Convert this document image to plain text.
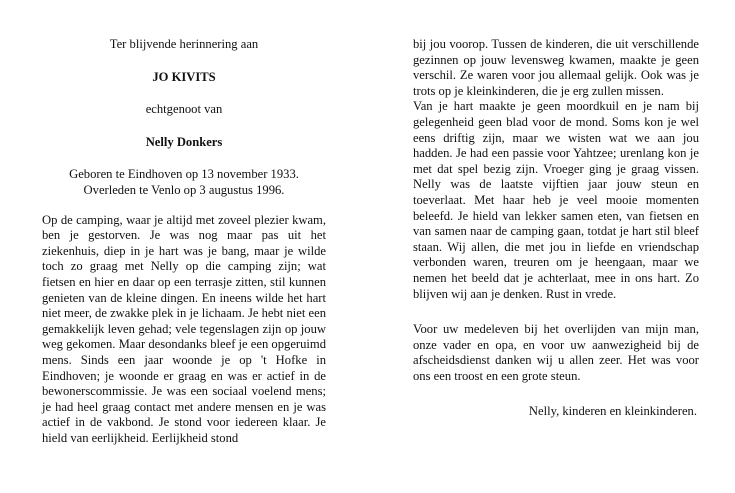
Ter blijvende herinnering aan

JO KIVITS

echtgenoot van

Nelly Donkers

Geboren te Eindhoven op 13 november 1933.

Overleden te Venlo op 3 augustus 1996.

Op de camping, waar je altijd met zoveel plezier kwam, ben je gestorven. Je was nog maar pas uit het ziekenhuis, diep in je hart was je bang, maar je wilde toch zo graag met Nelly op die camping zijn; wat fietsen en hier en daar op een terrasje zitten, stil kunnen genieten van de kleine dingen. En ineens wilde het hart niet meer, de zwakke plek in je lichaam. Je hebt niet een gemakkelijk leven gehad; vele tegenslagen zijn op jouw weg gekomen. Maar desondanks bleef je een opgeruimd mens. Sinds een jaar woonde je op 't Hofke in Eindhoven; je woonde er graag en was er actief in de bewonerscommissie. Je was een sociaal voelend mens; je had heel graag contact met andere mensen en je was actief in de vakbond. Je stond voor iedereen klaar. Je hield van eerlijkheid. Eerlijkheid stond

bij jou voorop. Tussen de kinderen, die uit verschillende gezinnen op jouw levensweg kwamen, maakte je geen verschil. Ze waren voor jou allemaal gelijk. Ook was je trots op je kleinkinderen, die je erg zullen missen.

Van je hart maakte je geen moordkuil en je nam bij gelegenheid geen blad voor de mond. Soms kon je wel eens driftig zijn, maar we wisten wat we aan jou hadden. Je had een passie voor Yahtzee; urenlang kon je met dat spel bezig zijn. Vroeger ging je graag vissen. Nelly was de laatste vijftien jaar jouw steun en toeverlaat. Met haar heb je veel mooie momenten beleefd. Je hield van lekker samen eten, van fietsen en van samen naar de camping gaan, totdat je hart stil bleef staan. Wij allen, die met jou in liefde en vriendschap verbonden waren, treuren om je heengaan, maar we nemen het beeld dat je achterlaat, mee in ons hart. Zo blijven wij aan je denken. Rust in vrede.

Voor uw medeleven bij het overlijden van mijn man, onze vader en opa, en voor uw aanwezigheid bij de afscheidsdienst danken wij u allen zeer. Het was voor ons een troost en een grote steun.

Nelly, kinderen en kleinkinderen.
